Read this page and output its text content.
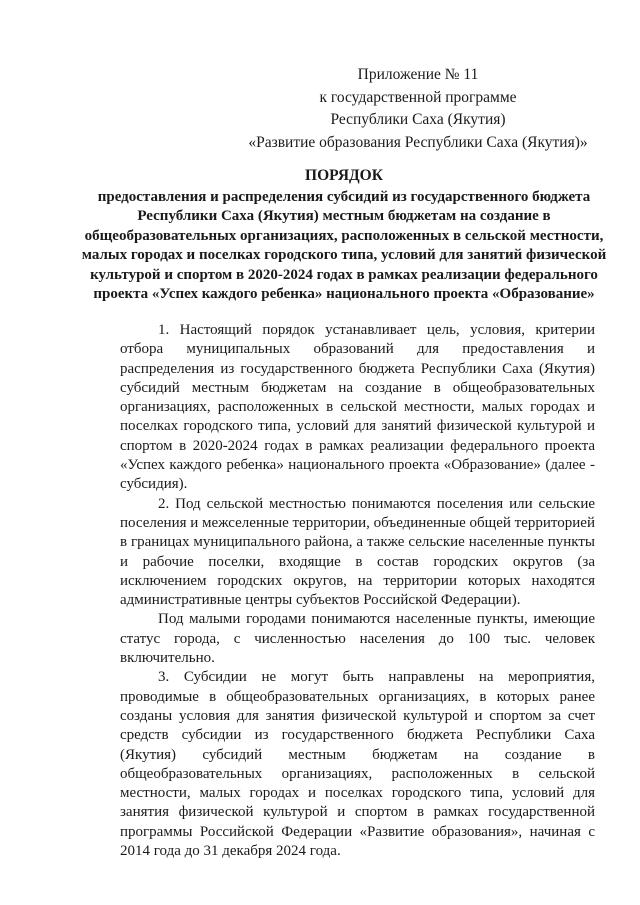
Приложение № 11
к государственной программе
Республики Саха (Якутия)
«Развитие образования Республики Саха (Якутия)»
ПОРЯДОК
предоставления и распределения субсидий из государственного бюджета Республики Саха (Якутия) местным бюджетам на создание в общеобразовательных организациях, расположенных в сельской местности, малых городах и поселках городского типа, условий для занятий физической культурой и спортом в 2020-2024 годах в рамках реализации федерального проекта «Успех каждого ребенка» национального проекта «Образование»

1. Настоящий порядок устанавливает цель, условия, критерии отбора муниципальных образований для предоставления и распределения из государственного бюджета Республики Саха (Якутия) субсидий местным бюджетам на создание в общеобразовательных организациях, расположенных в сельской местности, малых городах и поселках городского типа, условий для занятий физической культурой и спортом в 2020-2024 годах в рамках реализации федерального проекта «Успех каждого ребенка» национального проекта «Образование» (далее - субсидия).

2. Под сельской местностью понимаются поселения или сельские поселения и межселенные территории, объединенные общей территорией в границах муниципального района, а также сельские населенные пункты и рабочие поселки, входящие в состав городских округов (за исключением городских округов, на территории которых находятся административные центры субъектов Российской Федерации).

Под малыми городами понимаются населенные пункты, имеющие статус города, с численностью населения до 100 тыс. человек включительно.

3. Субсидии не могут быть направлены на мероприятия, проводимые в общеобразовательных организациях, в которых ранее созданы условия для занятия физической культурой и спортом за счет средств субсидии из государственного бюджета Республики Саха (Якутия) субсидий местным бюджетам на создание в общеобразовательных организациях, расположенных в сельской местности, малых городах и поселках городского типа, условий для занятия физической культурой и спортом в рамках государственной программы Российской Федерации «Развитие образования», начиная с 2014 года до 31 декабря 2024 года.
